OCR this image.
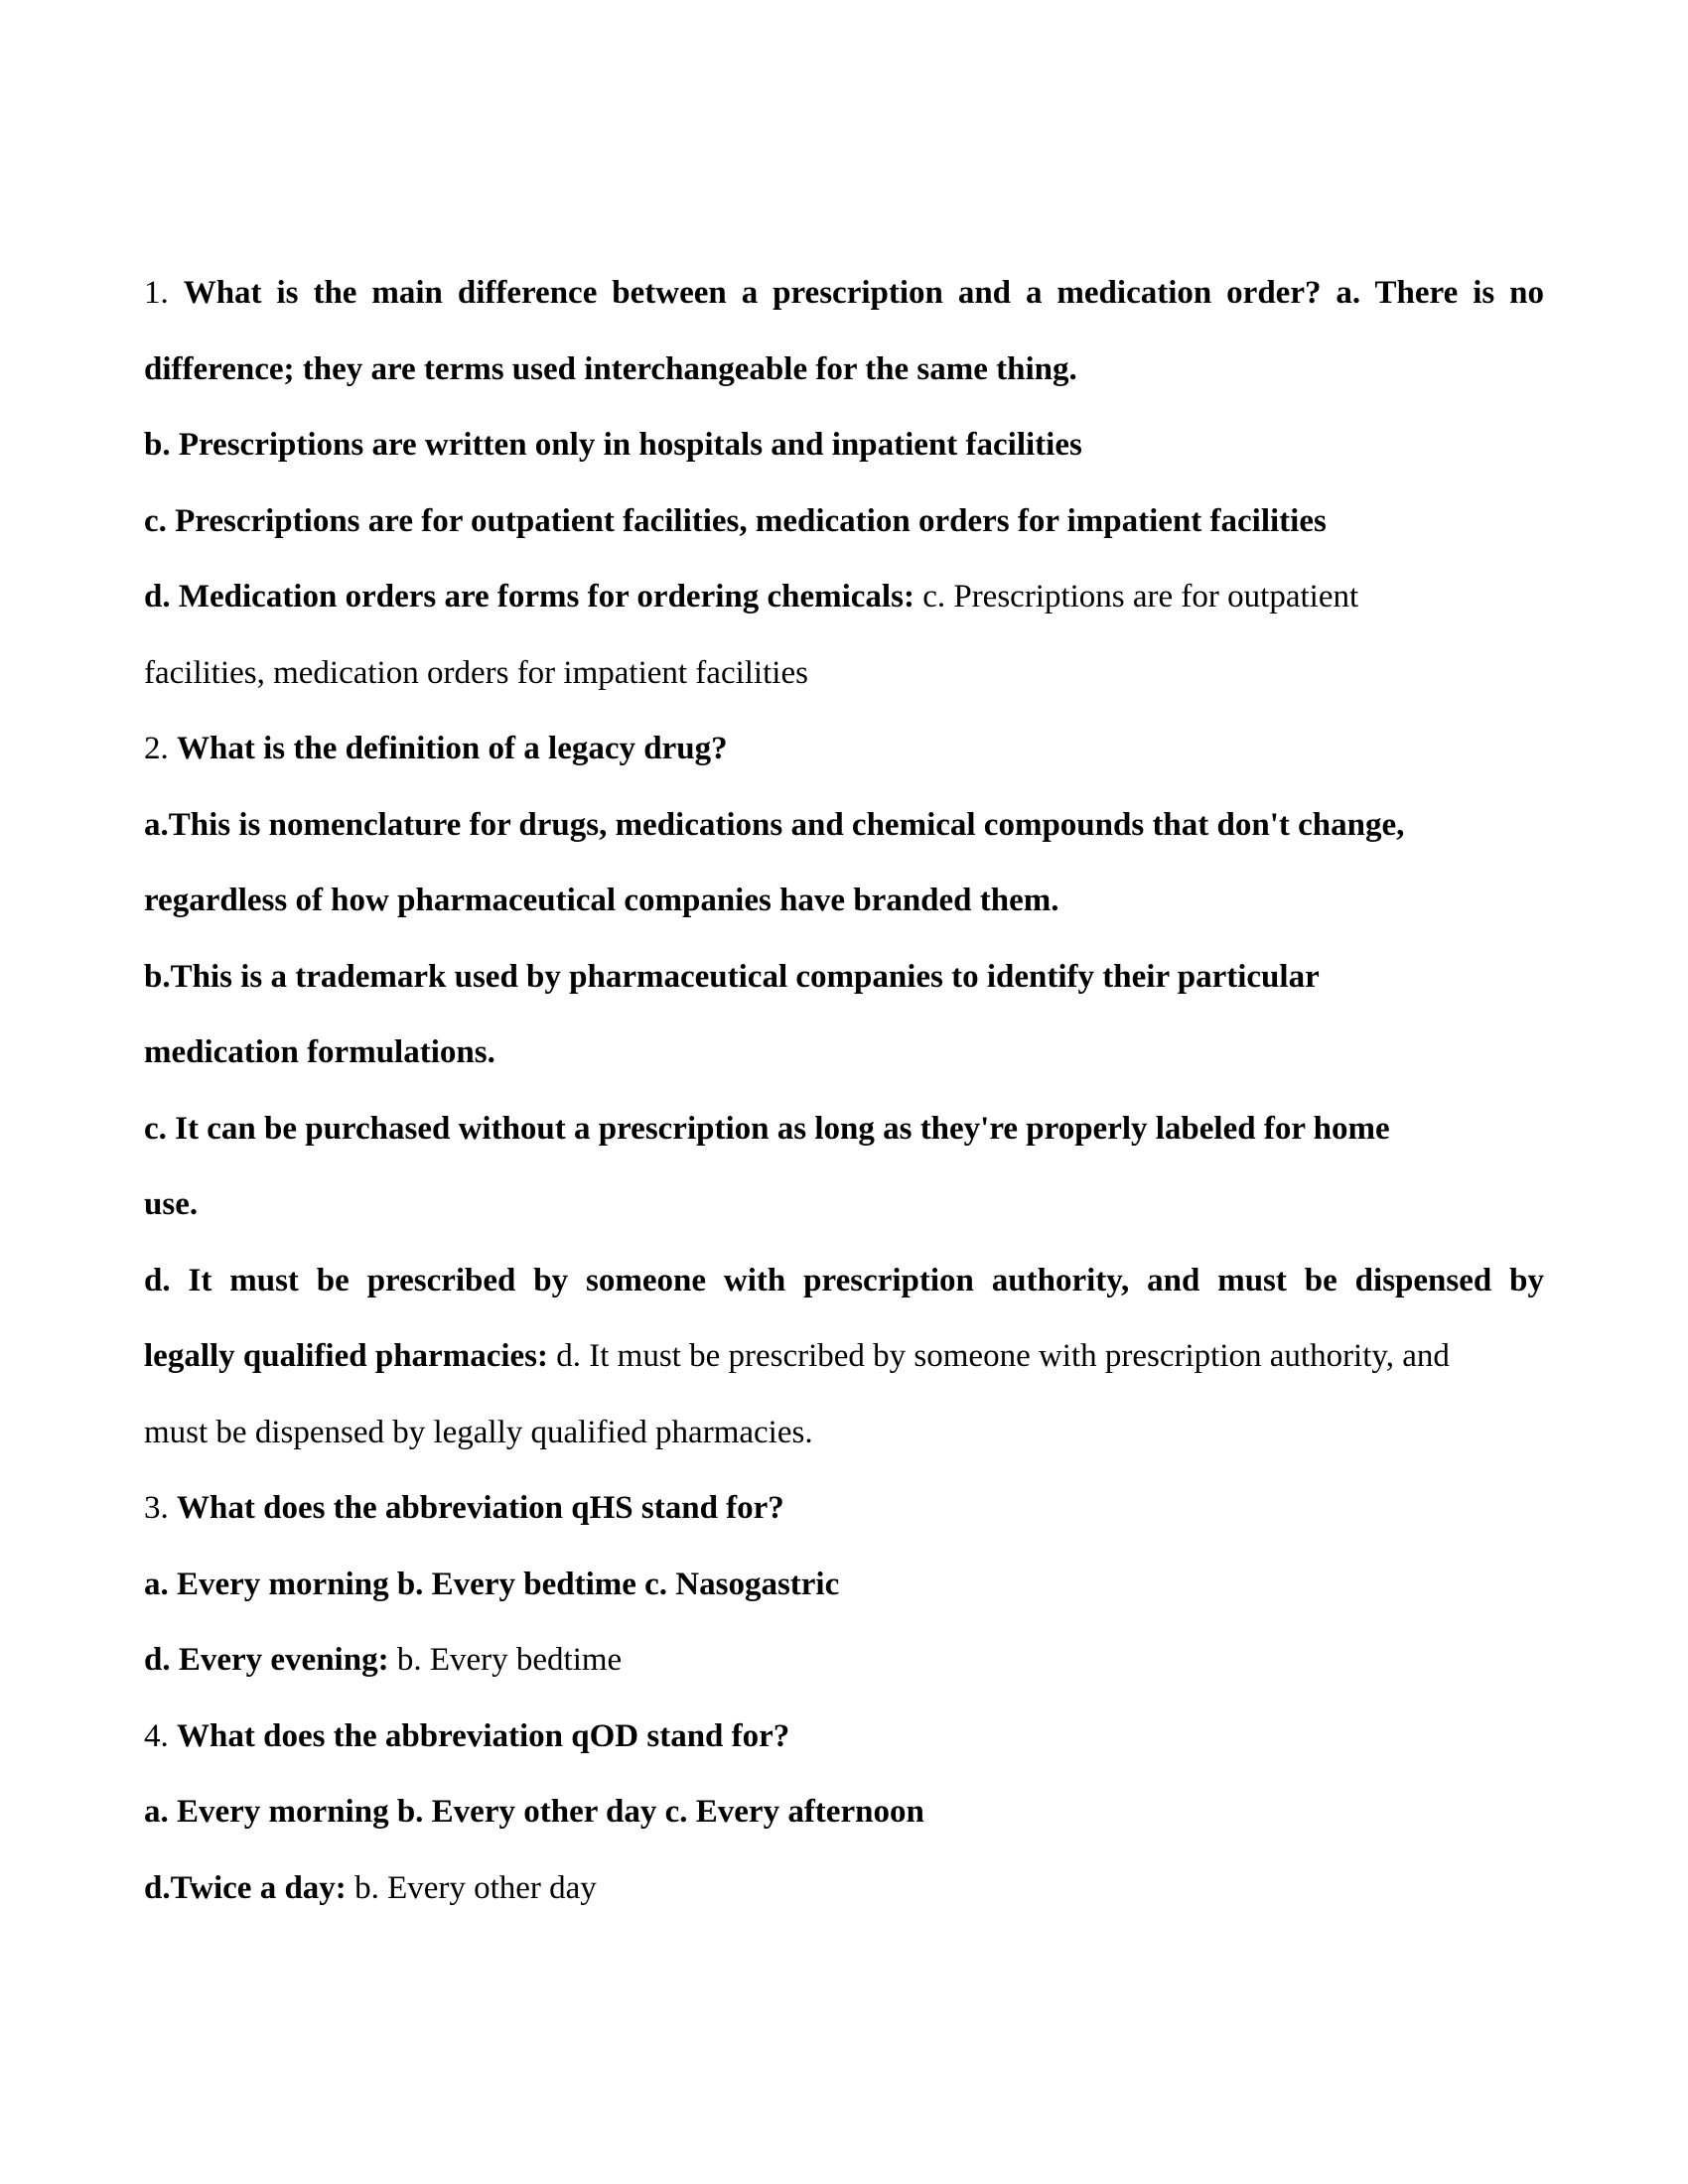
1. What is the main difference between a prescription and a medication order? a. There is no
difference; they are terms used interchangeable for the same thing.
b. Prescriptions are written only in hospitals and inpatient facilities
c. Prescriptions are for outpatient facilities, medication orders for impatient facilities
d. Medication orders are forms for ordering chemicals: c. Prescriptions are for outpatient
facilities, medication orders for impatient facilities
2. What is the definition of a legacy drug?
a.This is nomenclature for drugs, medications and chemical compounds that don't change,
regardless of how pharmaceutical companies have branded them.
b.This is a trademark used by pharmaceutical companies to identify their particular
medication formulations.
c. It can be purchased without a prescription as long as they're properly labeled for home
use.
d. It must be prescribed by someone with prescription authority, and must be dispensed by
legally qualified pharmacies: d. It must be prescribed by someone with prescription authority, and
must be dispensed by legally qualified pharmacies.
3. What does the abbreviation qHS stand for?
a. Every morning b. Every bedtime c. Nasogastric
d. Every evening: b. Every bedtime
4. What does the abbreviation qOD stand for?
a. Every morning b. Every other day c. Every afternoon
d.Twice a day: b. Every other day
